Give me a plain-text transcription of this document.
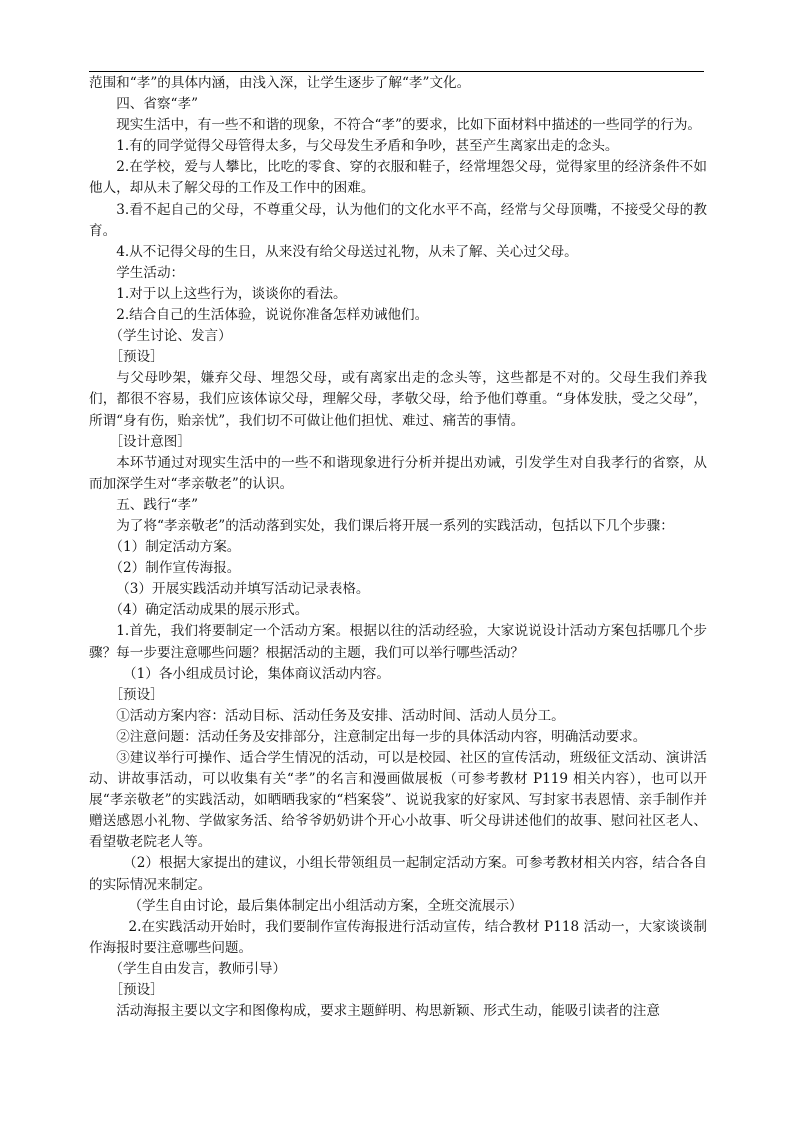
范围和“孝”的具体内涵，由浅入深，让学生逐步了解“孝”文化。

四、省察“孝”

现实生活中，有一些不和谐的现象，不符合“孝”的要求，比如下面材料中描述的一些同学的行为。

1.有的同学觉得父母管得太多，与父母发生矛盾和争吵，甚至产生离家出走的念头。

2.在学校，爱与人攀比，比吃的零食、穿的衣服和鞋子，经常埋怨父母，觉得家里的经济条件不如他人，却从未了解父母的工作及工作中的困难。

3.看不起自己的父母，不尊重父母，认为他们的文化水平不高，经常与父母顶嘴，不接受父母的教育。

4.从不记得父母的生日，从来没有给父母送过礼物，从未了解、关心过父母。

学生活动：

1.对于以上这些行为，谈谈你的看法。

2.结合自己的生活体验，说说你准备怎样劝诫他们。

（学生讨论、发言）

［预设］

与父母吵架，嫌弃父母、埋怨父母，或有离家出走的念头等，这些都是不对的。父母生我们养我们，都很不容易，我们应该体谅父母，理解父母，孝敬父母，给予他们尊重。“身体发肤，受之父母”，所谓“身有伤，贻亲忧”，我们切不可做让他们担忧、难过、痛苦的事情。

［设计意图］

本环节通过对现实生活中的一些不和谐现象进行分析并提出劝诫，引发学生对自我孝行的省察，从而加深学生对“孝亲敬老”的认识。

五、践行“孝”

为了将“孝亲敬老”的活动落到实处，我们课后将开展一系列的实践活动，包括以下几个步骤：

（1）制定活动方案。

（2）制作宣传海报。

（3）开展实践活动并填写活动记录表格。

（4）确定活动成果的展示形式。

1.首先，我们将要制定一个活动方案。根据以往的活动经验，大家说说设计活动方案包括哪几个步骤？每一步要注意哪些问题？根据活动的主题，我们可以举行哪些活动？

（1）各小组成员讨论，集体商议活动内容。

［预设］

①活动方案内容：活动目标、活动任务及安排、活动时间、活动人员分工。

②注意问题：活动任务及安排部分，注意制定出每一步的具体活动内容，明确活动要求。

③建议举行可操作、适合学生情况的活动，可以是校园、社区的宣传活动，班级征文活动、演讲活动、讲故事活动，可以收集有关“孝”的名言和漫画做展板（可参考教材 P119 相关内容），也可以开展“孝亲敬老”的实践活动，如晒晒我家的“档案袋”、说说我家的好家风、写封家书表恩情、亲手制作并赠送感恩小礼物、学做家务活、给爷爷奶奶讲个开心小故事、听父母讲述他们的故事、慰问社区老人、看望敬老院老人等。

（2）根据大家提出的建议，小组长带领组员一起制定活动方案。可参考教材相关内容，结合各自的实际情况来制定。

（学生自由讨论，最后集体制定出小组活动方案，全班交流展示）

2.在实践活动开始时，我们要制作宣传海报进行活动宣传，结合教材 P118 活动一，大家谈谈制作海报时要注意哪些问题。

（学生自由发言，教师引导）

［预设］

活动海报主要以文字和图像构成，要求主题鲜明、构思新颖、形式生动，能吸引读者的注意
